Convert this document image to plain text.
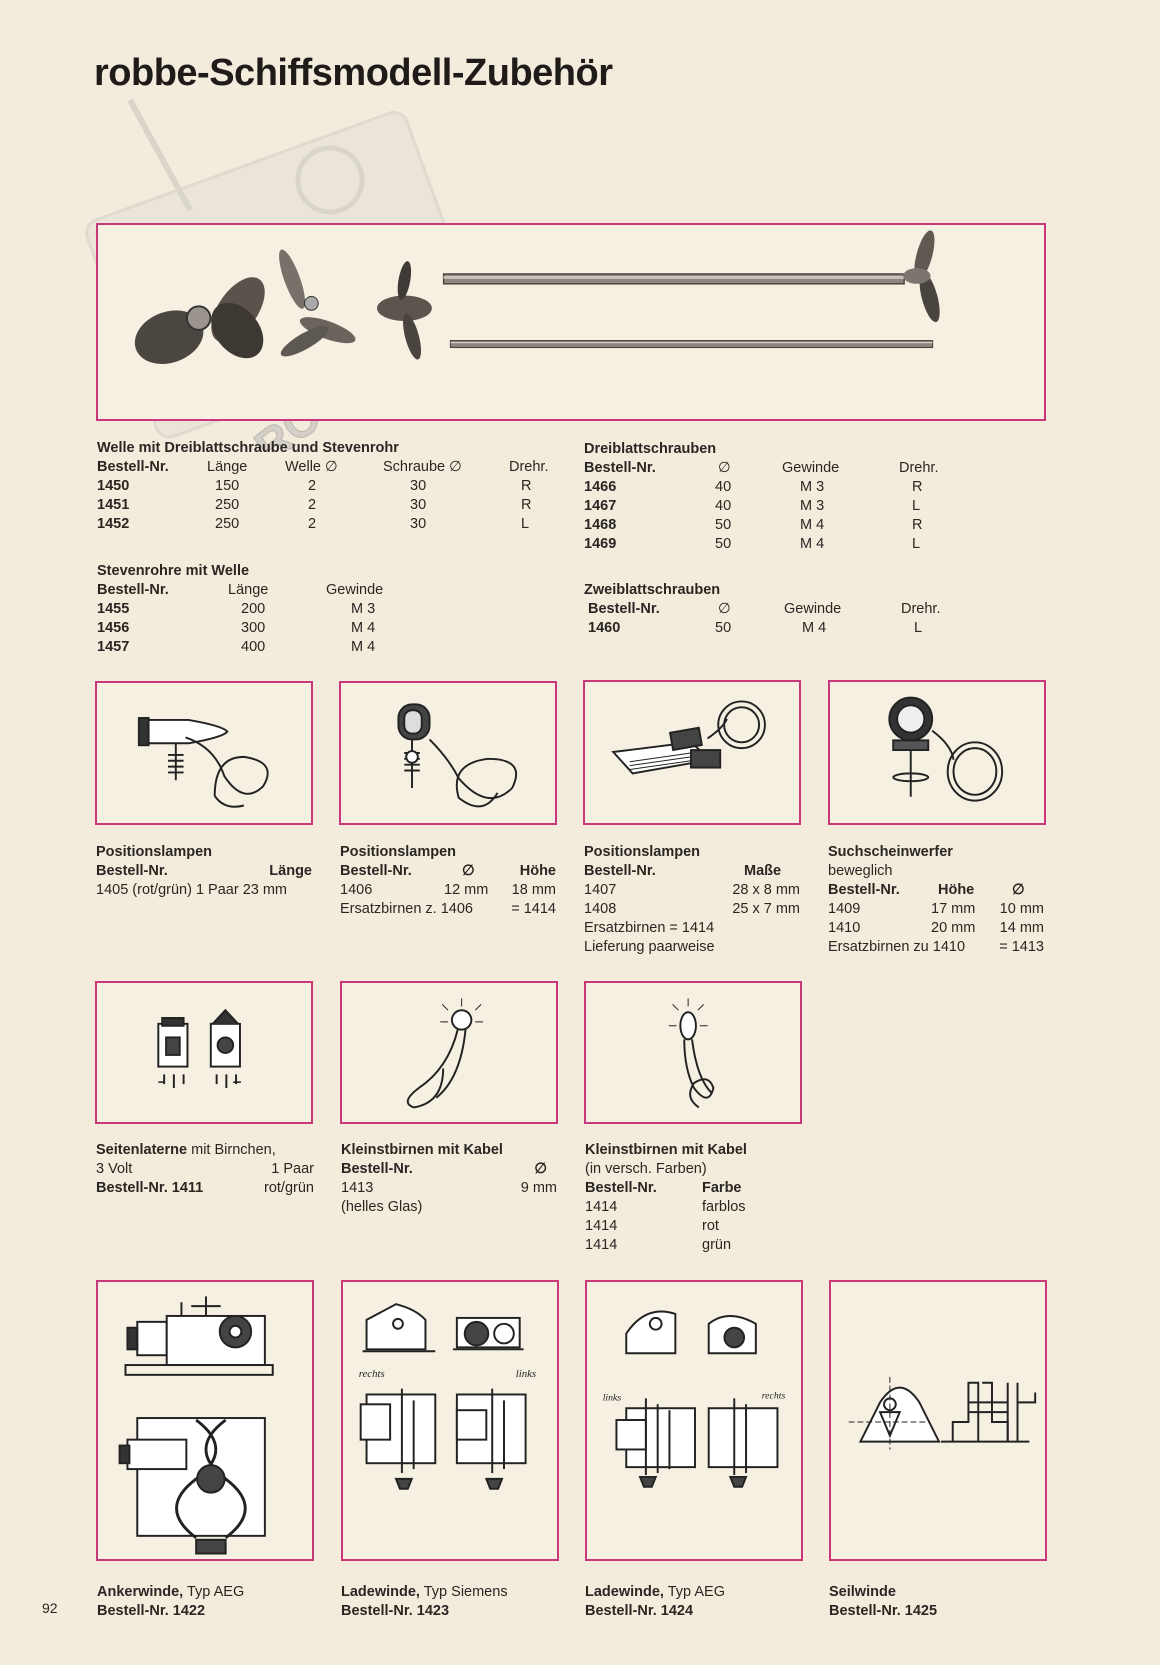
robbe-Schiffsmodell-Zubehör
Welle mit Dreiblattschraube und Stevenrohr
Bestell-Nr.	Länge	Welle ∅	Schraube ∅	Drehr.
1450	150	2	30	R
1451	250	2	30	R
1452	250	2	30	L
Stevenrohre mit Welle
Bestell-Nr.	Länge	Gewinde
1455	200	M 3
1456	300	M 4
1457	400	M 4
Dreiblattschrauben
Bestell-Nr.	∅	Gewinde	Drehr.
1466	40	M 3	R
1467	40	M 3	L
1468	50	M 4	R
1469	50	M 4	L
Zweiblattschrauben
Bestell-Nr.	∅	Gewinde	Drehr.
1460	50	M 4	L
Positionslampen
Bestell-Nr.	Länge
1405 (rot/grün) 1 Paar 23 mm
Positionslampen
Bestell-Nr.	∅	Höhe
1406	12 mm 18 mm
Ersatzbirnen z. 1406	= 1414
Positionslampen
Bestell-Nr.	Maße
1407	28 x 8 mm
1408	25 x 7 mm
Ersatzbirnen = 1414
Lieferung paarweise
Suchscheinwerfer
beweglich
Bestell-Nr.	Höhe	∅
1409	17 mm 10 mm
1410	20 mm 14 mm
Ersatzbirnen zu 1410 = 1413
Seitenlaterne mit Birnchen,
3 Volt	1 Paar
Bestell-Nr. 1411	rot/grün
Kleinstbirnen mit Kabel
Bestell-Nr.	∅
1413	9 mm
(helles Glas)
Kleinstbirnen mit Kabel
(in versch. Farben)
Bestell-Nr.	Farbe
1414	farblos
1414	rot
1414	grün
rechts	links
links	rechts
Ankerwinde, Typ AEG
Bestell-Nr. 1422
Ladewinde, Typ Siemens
Bestell-Nr. 1423
Ladewinde, Typ AEG
Bestell-Nr. 1424
Seilwinde
Bestell-Nr. 1425
92
